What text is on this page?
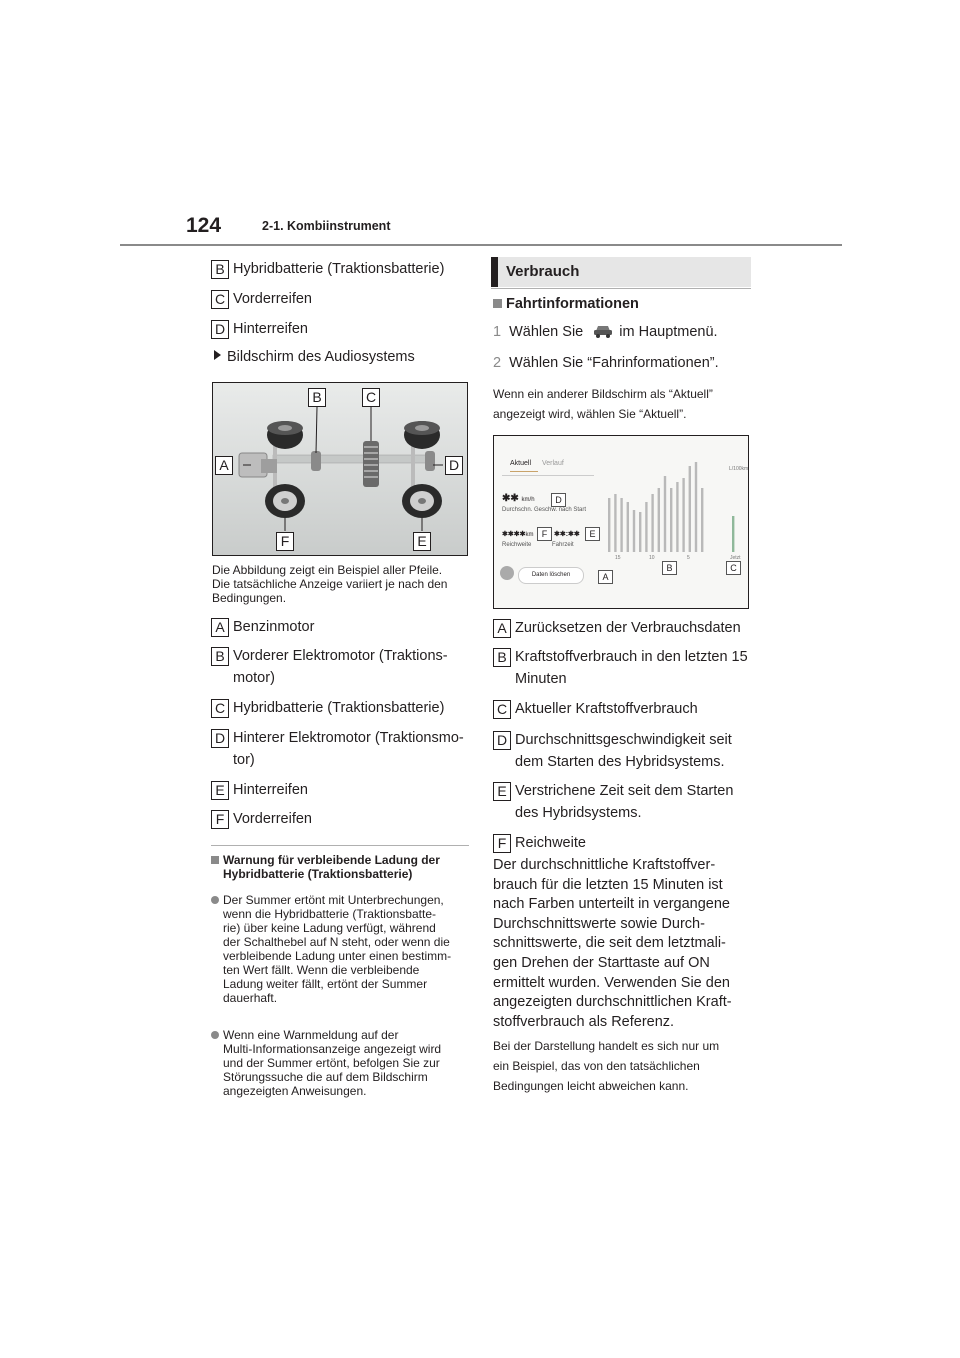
124	2-1. Kombiinstrument
B Hybridbatterie (Traktionsbatterie)
C Vorderreifen
D Hinterreifen
Bildschirm des Audiosystems
B	C
A	D
F	E
Die Abbildung zeigt ein Beispiel aller Pfeile.
Die tatsächliche Anzeige variiert je nach den
Bedingungen.
A Benzinmotor
B Vorderer Elektromotor (Traktions-
motor)
C Hybridbatterie (Traktionsbatterie)
D Hinterer Elektromotor (Traktionsmo-
tor)
E Hinterreifen
F Vorderreifen
Warnung für verbleibende Ladung der
Hybridbatterie (Traktionsbatterie)
Der Summer ertönt mit Unterbrechungen,
wenn die Hybridbatterie (Traktionsbatte-
rie) über keine Ladung verfügt, während
der Schalthebel auf N steht, oder wenn die
verbleibende Ladung unter einen bestimm-
ten Wert fällt. Wenn die verbleibende
Ladung weiter fällt, ertönt der Summer
dauerhaft.
Wenn eine Warnmeldung auf der
Multi-Informationsanzeige angezeigt wird
und der Summer ertönt, befolgen Sie zur
Störungssuche die auf dem Bildschirm
angezeigten Anweisungen.
Verbrauch
Fahrtinformationen
1 Wählen Sie im Hauptmenü.
2 Wählen Sie “Fahrinformationen”.
Wenn ein anderer Bildschirm als “Aktuell”
angezeigt wird, wählen Sie “Aktuell”.
Aktuell Verlauf
✱✱ km/h
Durchschn. Geschw. nach Start
D
✱✱✱✱km F ✱✱:✱✱	E
Reichweite	Fahrzeit
Daten löschen	A
L/100km
15	10	5	Jetzt
B	C
A Zurücksetzen der Verbrauchsdaten
B Kraftstoffverbrauch in den letzten 15
Minuten
C Aktueller Kraftstoffverbrauch
D Durchschnittsgeschwindigkeit seit
dem Starten des Hybridsystems.
E Verstrichene Zeit seit dem Starten
des Hybridsystems.
F Reichweite
Der durchschnittliche Kraftstoffver-
brauch für die letzten 15 Minuten ist
nach Farben unterteilt in vergangene
Durchschnittswerte sowie Durch-
schnittswerte, die seit dem letztmali-
gen Drehen der Starttaste auf ON
ermittelt wurden. Verwenden Sie den
angezeigten durchschnittlichen Kraft-
stoffverbrauch als Referenz.
Bei der Darstellung handelt es sich nur um
ein Beispiel, das von den tatsächlichen
Bedingungen leicht abweichen kann.
